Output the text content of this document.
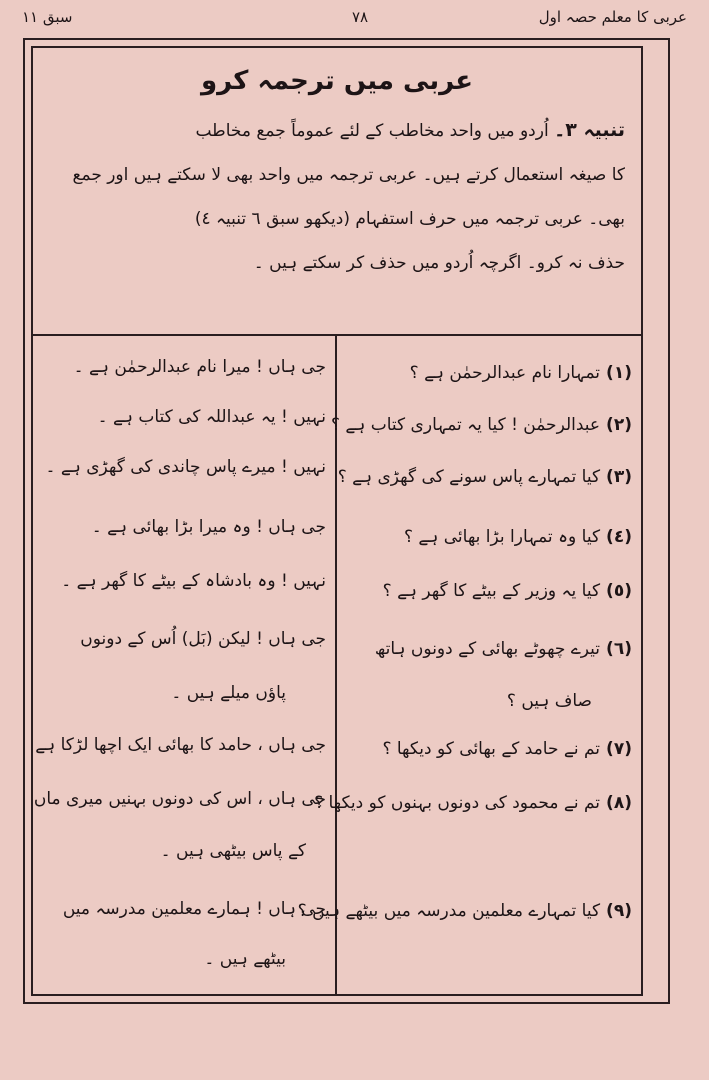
سبق ١١	٧٨	عربی کا معلم حصہ اول
عربی میں ترجمہ کرو
تنبیہ ٣۔ اُردو میں واحد مخاطب کے لئے عموماً جمع مخاطب
کا صیغہ استعمال کرتے ہیں۔ عربی ترجمہ میں واحد بھی لا سکتے ہیں اور جمع
بھی۔ عربی ترجمہ میں حرف استفہام (دیکھو سبق ٦ تنبیہ ٤)
حذف نہ کرو۔ اگرچہ اُردو میں حذف کر سکتے ہیں ۔
(١)تمہارا نام عبدالرحمٰن ہے ؟
(٢)عبدالرحمٰن ! کیا یہ تمہاری کتاب ہے ؟
(٣)کیا تمہارے پاس سونے کی گھڑی ہے ؟
(٤)کیا وہ تمہارا بڑا بھائی ہے ؟
(٥)کیا یہ وزیر کے بیٹے کا گھر ہے ؟
(٦)تیرے چھوٹے بھائی کے دونوں ہاتھ
صاف ہیں ؟
(٧)تم نے حامد کے بھائی کو دیکھا ؟
(٨)تم نے محمود کی دونوں بہنوں کو دیکھا ؟
(٩)کیا تمہارے معلمین مدرسہ میں بیٹھے ہیں ؟
جی ہاں ! میرا نام عبدالرحمٰن ہے ۔
نہیں ! یہ عبداللہ کی کتاب ہے ۔
نہیں ! میرے پاس چاندی کی گھڑی ہے ۔
جی ہاں ! وہ میرا بڑا بھائی ہے ۔
نہیں ! وہ بادشاہ کے بیٹے کا گھر ہے ۔
جی ہاں ! لیکن (بَل) اُس کے دونوں
پاؤں میلے ہیں ۔
جی ہاں ، حامد کا بھائی ایک اچھا لڑکا ہے
جی ہاں ، اس کی دونوں بہنیں میری ماں
کے پاس بیٹھی ہیں ۔
جی ہاں ! ہمارے معلمین مدرسہ میں
بیٹھے ہیں ۔
